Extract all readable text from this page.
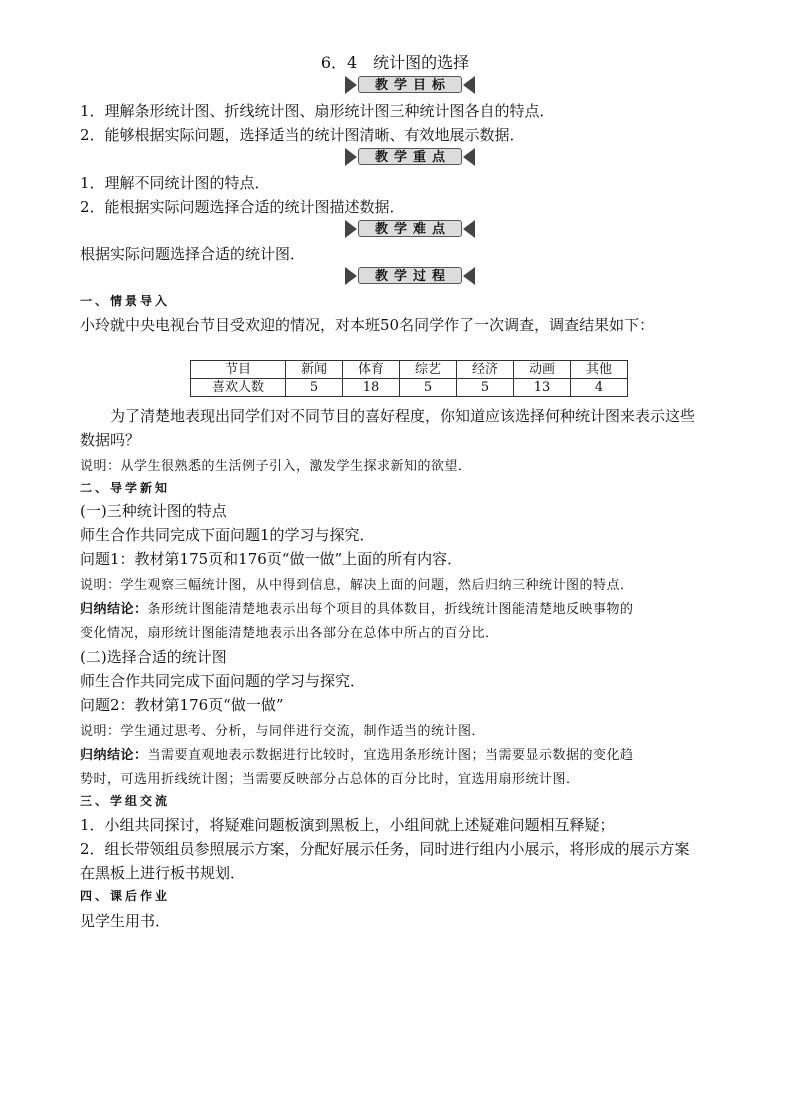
6．4　统计图的选择
教学目标
1．理解条形统计图、折线统计图、扇形统计图三种统计图各自的特点．
2．能够根据实际问题，选择适当的统计图清晰、有效地展示数据．
教学重点
1．理解不同统计图的特点．
2．能根据实际问题选择合适的统计图描述数据．
教学难点
根据实际问题选择合适的统计图．
教学过程
一、情景导入
小玲就中央电视台节目受欢迎的情况，对本班50名同学作了一次调查，调查结果如下：
节目	新闻	体育	综艺	经济	动画	其他
喜欢人数	5	18	5	5	13	4
为了清楚地表现出同学们对不同节目的喜好程度，你知道应该选择何种统计图来表示这些
数据吗？
说明：从学生很熟悉的生活例子引入，激发学生探求新知的欲望．
二、导学新知
(一)三种统计图的特点
师生合作共同完成下面问题1的学习与探究．
问题1：教材第175页和176页“做一做”上面的所有内容．
说明：学生观察三幅统计图，从中得到信息，解决上面的问题，然后归纳三种统计图的特点．
归纳结论：条形统计图能清楚地表示出每个项目的具体数目，折线统计图能清楚地反映事物的
变化情况，扇形统计图能清楚地表示出各部分在总体中所占的百分比．
(二)选择合适的统计图
师生合作共同完成下面问题的学习与探究．
问题2：教材第176页“做一做”
说明：学生通过思考、分析，与同伴进行交流，制作适当的统计图．
归纳结论：当需要直观地表示数据进行比较时，宜选用条形统计图；当需要显示数据的变化趋
势时，可选用折线统计图；当需要反映部分占总体的百分比时，宜选用扇形统计图．
三、学组交流
1．小组共同探讨，将疑难问题板演到黑板上，小组间就上述疑难问题相互释疑；
2．组长带领组员参照展示方案，分配好展示任务，同时进行组内小展示，将形成的展示方案
在黑板上进行板书规划．
四、课后作业
见学生用书．
